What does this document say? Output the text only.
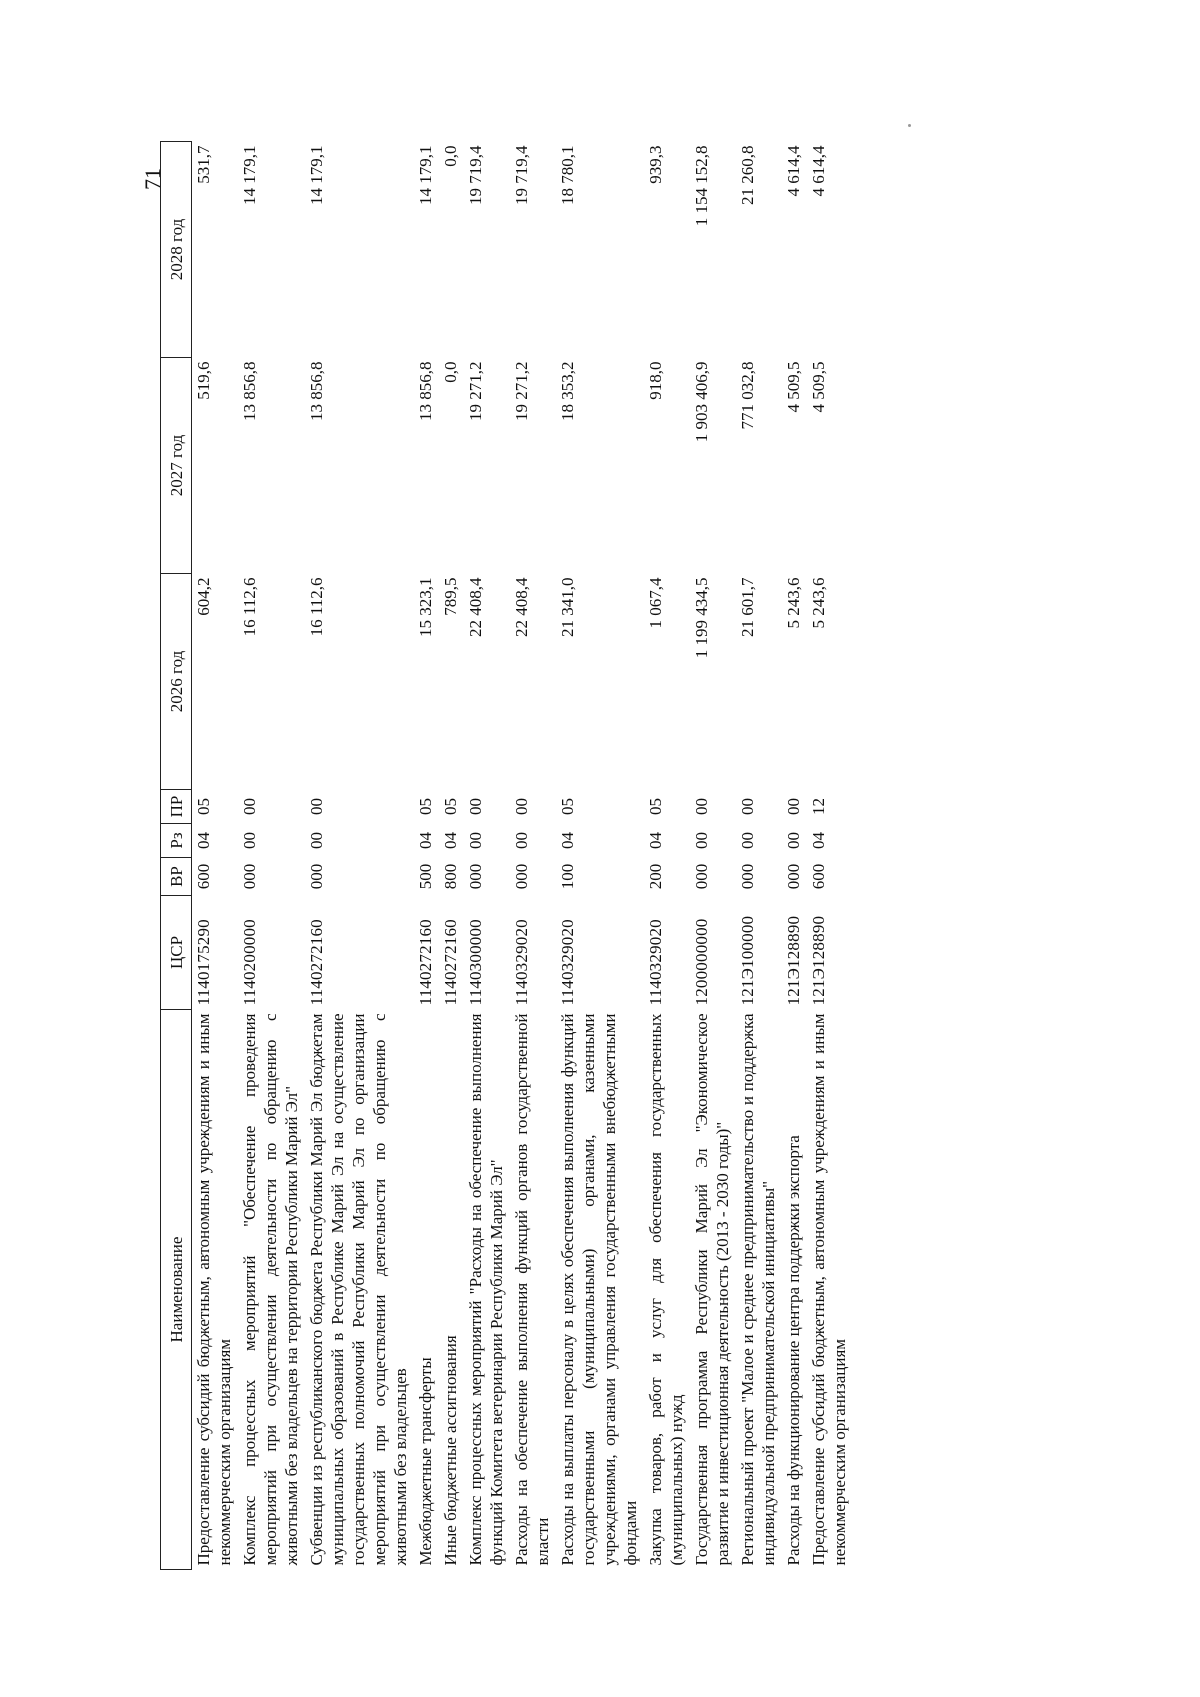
71
Наименование	ЦСР	ВР	Рз	ПР	2026 год	2027 год	2028 год
Предоставление субсидий бюджетным, автономным учреждениям и иным некоммерческим организациям	1140175290	600	04	05	604,2	519,6	531,7

Комплекс процессных мероприятий "Обеспечение проведения мероприятий при осуществлении деятельности по обращению с животными без владельцев на территории Республики Марий Эл"	1140200000	000	00	00	16 112,6	13 856,8	14 179,1

Субвенции из республиканского бюджета Республики Марий Эл бюджетам муниципальных образований в Республике Марий Эл на осуществление государственных полномочий Республики Марий Эл по организации мероприятий при осуществлении деятельности по обращению с животными без владельцев	1140272160	000	00	00	16 112,6	13 856,8	14 179,1

Межбюджетные трансферты	1140272160	500	04	05	15 323,1	13 856,8	14 179,1

Иные бюджетные ассигнования	1140272160	800	04	05	789,5	0,0	0,0

Комплекс процессных мероприятий "Расходы на обеспечение выполнения функций Комитета ветеринарии Республики Марий Эл"	1140300000	000	00	00	22 408,4	19 271,2	19 719,4

Расходы на обеспечение выполнения функций органов государственной власти	1140329020	000	00	00	22 408,4	19 271,2	19 719,4

Расходы на выплаты персоналу в целях обеспечения выполнения функций государственными (муниципальными) органами, казенными учреждениями, органами управления государственными внебюджетными фондами	1140329020	100	04	05	21 341,0	18 353,2	18 780,1

Закупка товаров, работ и услуг для обеспечения государственных (муниципальных) нужд	1140329020	200	04	05	1 067,4	918,0	939,3

Государственная программа Республики Марий Эл "Экономическое развитие и инвестиционная деятельность (2013 - 2030 годы)"	1200000000	000	00	00	1 199 434,5	1 903 406,9	1 154 152,8

Региональный проект "Малое и среднее предпринимательство и поддержка индивидуальной предпринимательской инициативы"	121Э100000	000	00	00	21 601,7	771 032,8	21 260,8

Расходы на функционирование центра поддержки экспорта	121Э128890	000	00	00	5 243,6	4 509,5	4 614,4

Предоставление субсидий бюджетным, автономным учреждениям и иным некоммерческим организациям	121Э128890	600	04	12	5 243,6	4 509,5	4 614,4
